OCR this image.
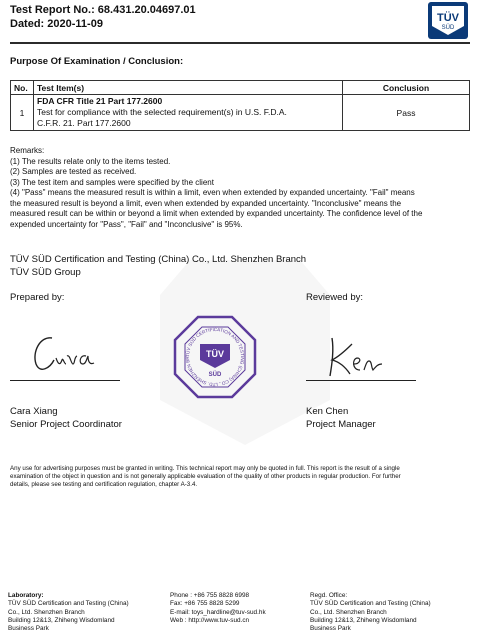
Test Report No.: 68.431.20.04697.01
Dated: 2020-11-09	TÜV
SÜD
Purpose Of Examination / Conclusion:
No.	Test Item(s)	Conclusion
1	FDA CFR Title 21 Part 177.2600
Test for compliance with the selected requirement(s) in U.S. F.D.A.
C.F.R. 21. Part 177.2600	Pass
Remarks:
(1) The results relate only to the items tested.
(2) Samples are tested as received.
(3) The test item and samples were specified by the client
(4) "Pass" means the measured result is within a limit, even when extended by expanded uncertainty. "Fail" means
the measured result is beyond a limit, even when extended by expanded uncertainty. "Inconclusive" means the
measured result can be within or beyond a limit when extended by expanded uncertainty. The confidence level of the
expended uncertainty for "Pass", "Fail" and "Inconclusive" is 95%.
TÜV SÜD Certification and Testing (China) Co., Ltd. Shenzhen Branch
TÜV SÜD Group
Prepared by:	Reviewed by:
TÜV SÜD CERTIFICATION AND TESTING (CHINA) CO., LTD. SHENZHEN BR	TÜV
SÜD
Cara Xiang
Senior Project Coordinator
Ken Chen
Project Manager
Any use for advertising purposes must be granted in writing. This technical report may only be quoted in full. This report is the result of a single
examination of the object in question and is not generally applicable evaluation of the quality of other products in regular production. For further
details, please see testing and certification regulation, chapter A-3.4.
Laboratory:
TÜV SÜD Certification and Testing (China)
Co., Ltd. Shenzhen Branch
Building 12&13, Zhiheng Wisdomland
Business Park
Phone : +86 755 8828 6998
Fax: +86 755 8828 5299
E-mail: toys_hardline@tuv-sud.hk
Web : http://www.tuv-sud.cn
Regd. Office:
TÜV SÜD Certification and Testing (China)
Co., Ltd. Shenzhen Branch
Building 12&13, Zhiheng Wisdomland
Business Park
